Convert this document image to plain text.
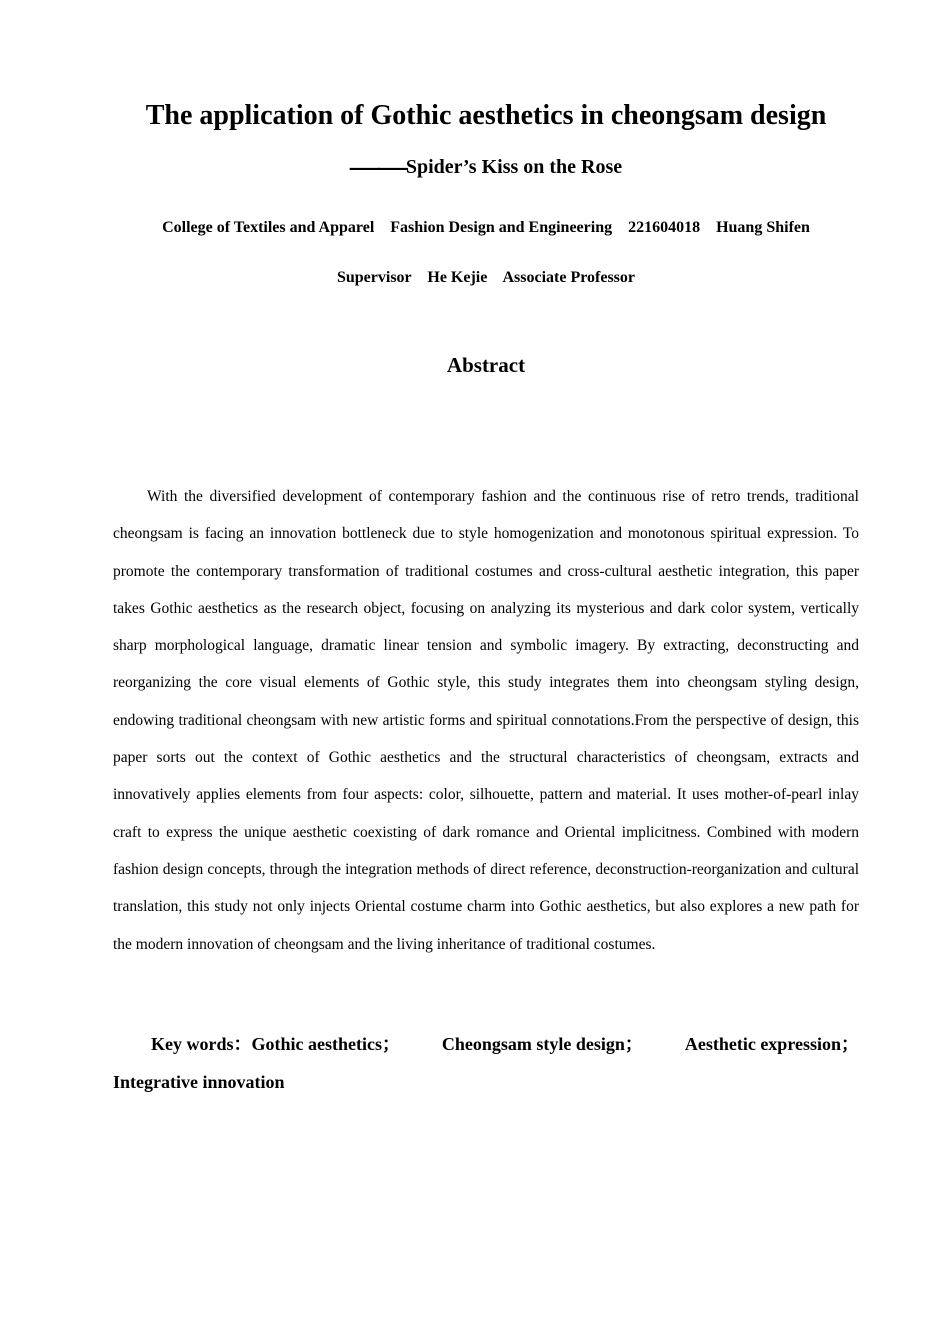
The application of Gothic aesthetics in cheongsam design
——Spider’s Kiss on the Rose
College of Textiles and Apparel    Fashion Design and Engineering    221604018    Huang Shifen
Supervisor    He Kejie    Associate Professor
Abstract

With the diversified development of contemporary fashion and the continuous rise of retro trends, traditional cheongsam is facing an innovation bottleneck due to style homogenization and monotonous spiritual expression. To promote the contemporary transformation of traditional costumes and cross-cultural aesthetic integration, this paper takes Gothic aesthetics as the research object, focusing on analyzing its mysterious and dark color system, vertically sharp morphological language, dramatic linear tension and symbolic imagery. By extracting, deconstructing and reorganizing the core visual elements of Gothic style, this study integrates them into cheongsam styling design, endowing traditional cheongsam with new artistic forms and spiritual connotations.From the perspective of design, this paper sorts out the context of Gothic aesthetics and the structural characteristics of cheongsam, extracts and innovatively applies elements from four aspects: color, silhouette, pattern and material. It uses mother-of-pearl inlay craft to express the unique aesthetic coexisting of dark romance and Oriental implicitness. Combined with modern fashion design concepts, through the integration methods of direct reference, deconstruction-reorganization and cultural translation, this study not only injects Oriental costume charm into Gothic aesthetics, but also explores a new path for the modern innovation of cheongsam and the living inheritance of traditional costumes.

Key words：Gothic aesthetics； Cheongsam style design； Aesthetic expression；
Integrative innovation
